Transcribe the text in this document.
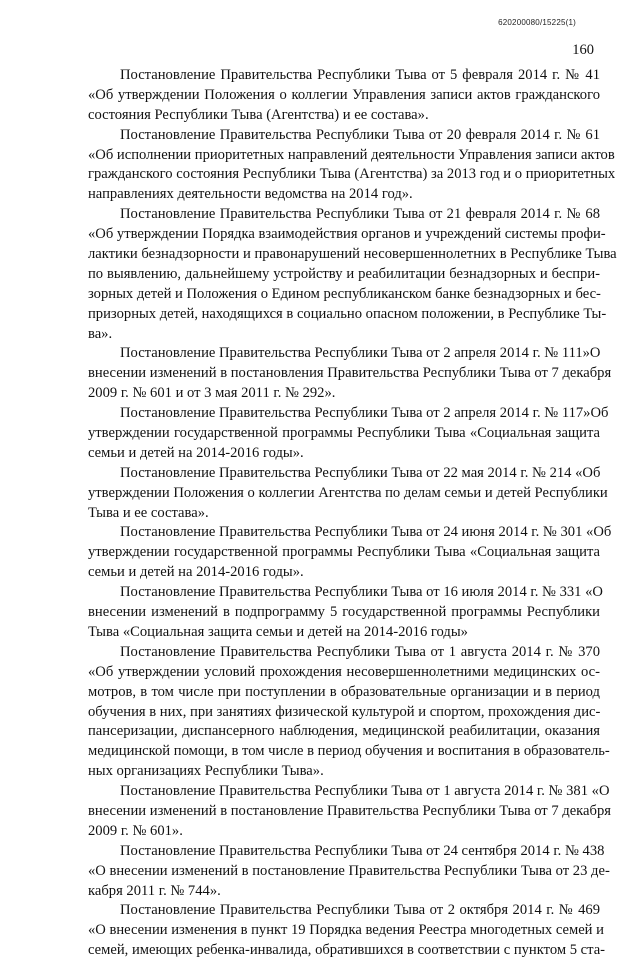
620200080/15225(1)
160
Постановление Правительства Республики Тыва от 5 февраля 2014 г. № 41
«Об утверждении Положения о коллегии Управления записи актов гражданского
состояния Республики Тыва (Агентства) и ее состава».
Постановление Правительства Республики Тыва от 20 февраля 2014 г. № 61
«Об исполнении приоритетных направлений деятельности Управления записи актов
гражданского состояния Республики Тыва (Агентства) за 2013 год и о приоритетных
направлениях деятельности ведомства на 2014 год».
Постановление Правительства Республики Тыва от 21 февраля 2014 г. № 68
«Об утверждении Порядка взаимодействия органов и учреждений системы профи-
лактики безнадзорности и правонарушений несовершеннолетних в Республике Тыва
по выявлению, дальнейшему устройству и реабилитации безнадзорных и беспри-
зорных детей и Положения о Едином республиканском банке безнадзорных и бес-
призорных детей, находящихся в социально опасном положении, в Республике Ты-
ва».
Постановление Правительства Республики Тыва от 2 апреля 2014 г. № 111»О
внесении изменений в постановления Правительства Республики Тыва от 7 декабря
2009 г. № 601 и от 3 мая 2011 г. № 292».
Постановление Правительства Республики Тыва от 2 апреля 2014 г. № 117»Об
утверждении государственной программы Республики Тыва «Социальная защита
семьи и детей на 2014-2016 годы».
Постановление Правительства Республики Тыва от 22 мая 2014 г. № 214 «Об
утверждении Положения о коллегии Агентства по делам семьи и детей Республики
Тыва и ее состава».
Постановление Правительства Республики Тыва от 24 июня 2014 г. № 301 «Об
утверждении государственной программы Республики Тыва «Социальная защита
семьи и детей на 2014-2016 годы».
Постановление Правительства Республики Тыва от 16 июля 2014 г. № 331 «О
внесении изменений в подпрограмму 5 государственной программы Республики
Тыва «Социальная защита семьи и детей на 2014-2016 годы»
Постановление Правительства Республики Тыва от 1 августа 2014 г. № 370
«Об утверждении условий прохождения несовершеннолетними медицинских ос-
мотров, в том числе при поступлении в образовательные организации и в период
обучения в них, при занятиях физической культурой и спортом, прохождения дис-
пансеризации, диспансерного наблюдения, медицинской реабилитации, оказания
медицинской помощи, в том числе в период обучения и воспитания в образователь-
ных организациях Республики Тыва».
Постановление Правительства Республики Тыва от 1 августа 2014 г. № 381 «О
внесении изменений в постановление Правительства Республики Тыва от 7 декабря
2009 г. № 601».
Постановление Правительства Республики Тыва от 24 сентября 2014 г. № 438
«О внесении изменений в постановление Правительства Республики Тыва от 23 де-
кабря 2011 г. № 744».
Постановление Правительства Республики Тыва от 2 октября 2014 г. № 469
«О внесении изменения в пункт 19 Порядка ведения Реестра многодетных семей и
семей, имеющих ребенка-инвалида, обратившихся в соответствии с пунктом 5 ста-
